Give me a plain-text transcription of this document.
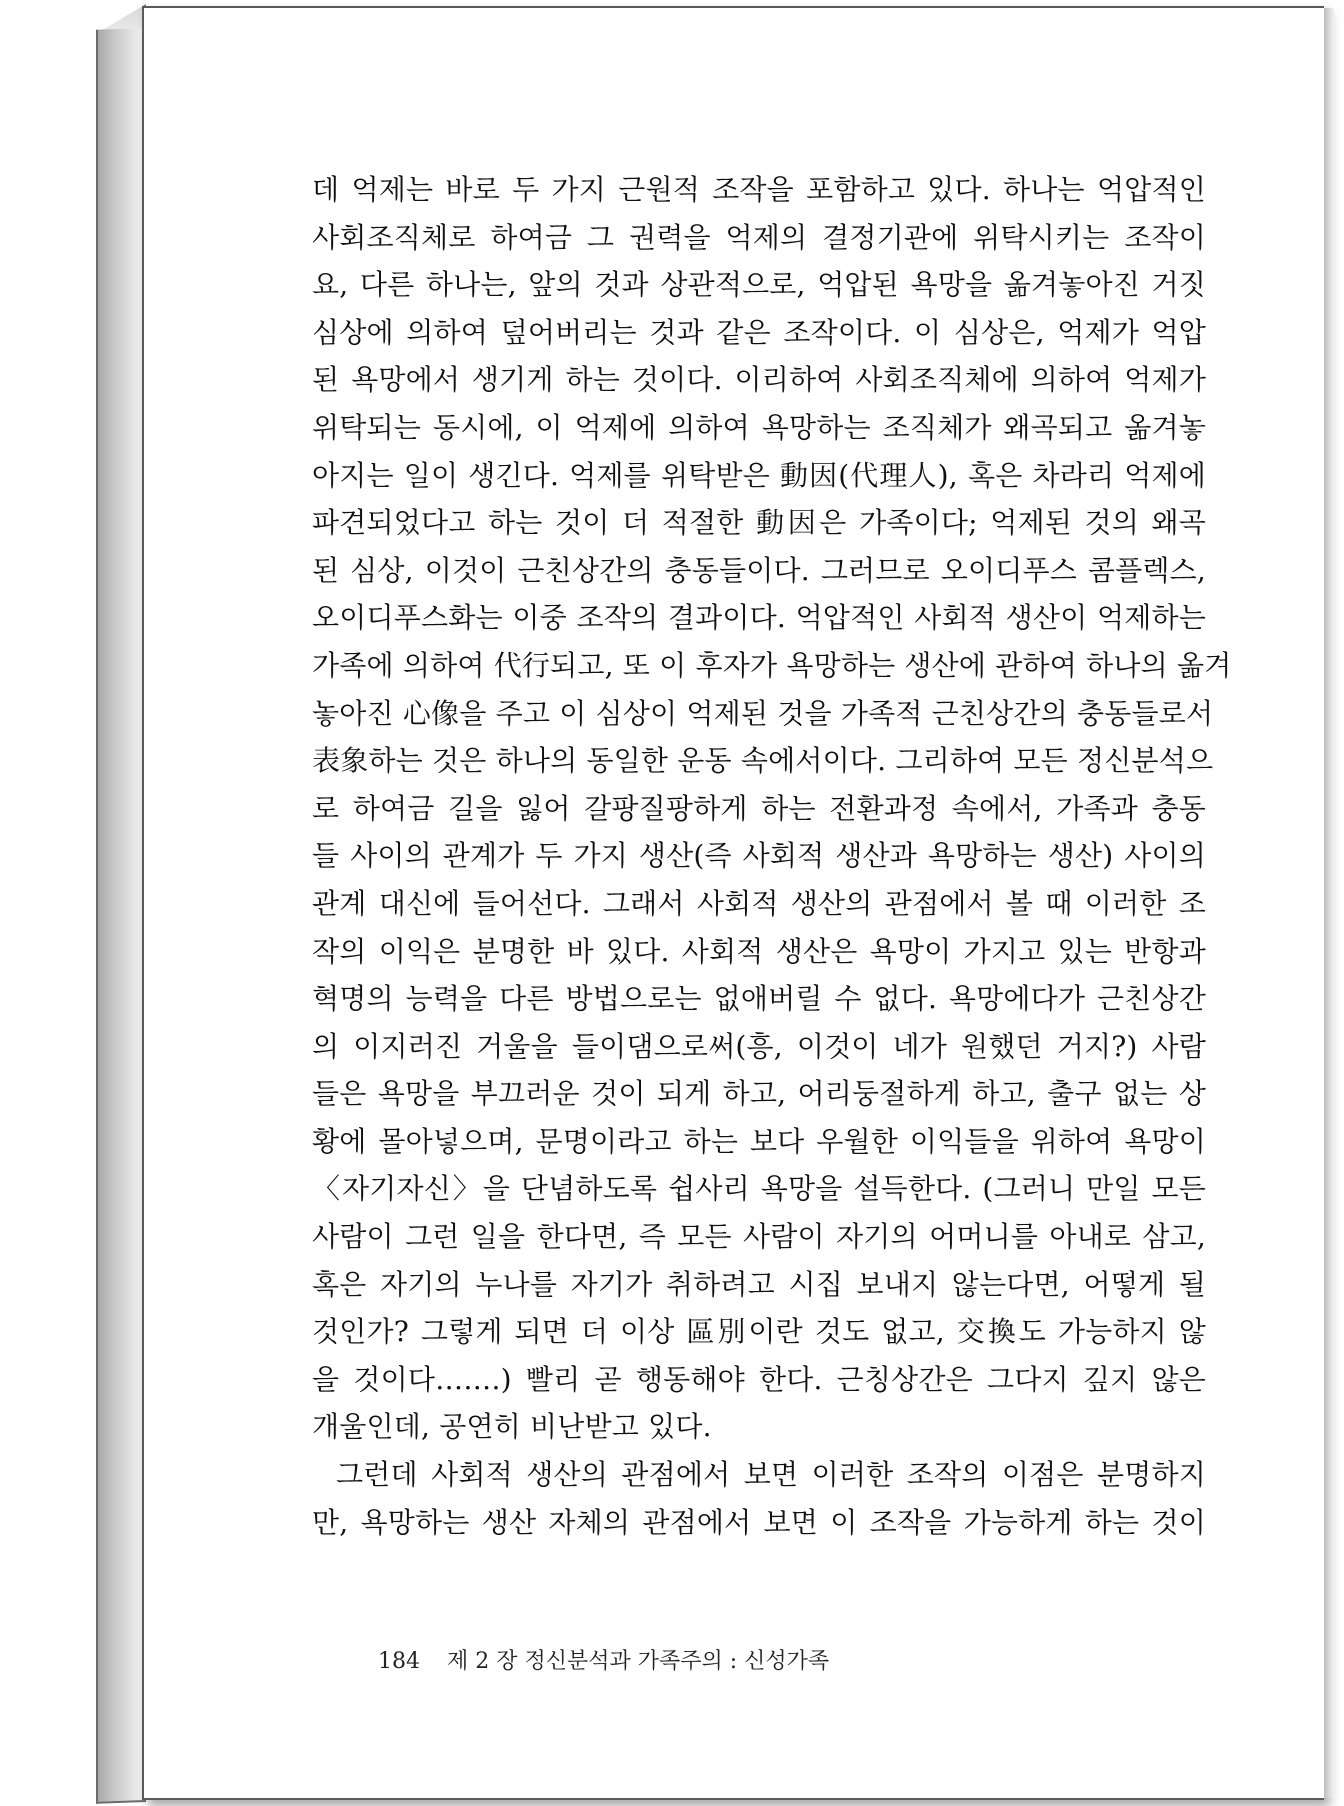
데 억제는 바로 두 가지 근원적 조작을 포함하고 있다. 하나는 억압적인
사회조직체로 하여금 그 권력을 억제의 결정기관에 위탁시키는 조작이
요, 다른 하나는, 앞의 것과 상관적으로, 억압된 욕망을 옮겨놓아진 거짓
심상에 의하여 덮어버리는 것과 같은 조작이다. 이 심상은, 억제가 억압
된 욕망에서 생기게 하는 것이다. 이리하여 사회조직체에 의하여 억제가
위탁되는 동시에, 이 억제에 의하여 욕망하는 조직체가 왜곡되고 옮겨놓
아지는 일이 생긴다. 억제를 위탁받은 動因(代理人), 혹은 차라리 억제에
파견되었다고 하는 것이 더 적절한 動因은 가족이다; 억제된 것의 왜곡
된 심상, 이것이 근친상간의 충동들이다. 그러므로 오이디푸스 콤플렉스,
오이디푸스화는 이중 조작의 결과이다. 억압적인 사회적 생산이 억제하는
가족에 의하여 代行되고, 또 이 후자가 욕망하는 생산에 관하여 하나의 옮겨
놓아진 心像을 주고 이 심상이 억제된 것을 가족적 근친상간의 충동들로서
表象하는 것은 하나의 동일한 운동 속에서이다. 그리하여 모든 정신분석으
로 하여금 길을 잃어 갈팡질팡하게 하는 전환과정 속에서, 가족과 충동
들 사이의 관계가 두 가지 생산(즉 사회적 생산과 욕망하는 생산) 사이의
관계 대신에 들어선다. 그래서 사회적 생산의 관점에서 볼 때 이러한 조
작의 이익은 분명한 바 있다. 사회적 생산은 욕망이 가지고 있는 반항과
혁명의 능력을 다른 방법으로는 없애버릴 수 없다. 욕망에다가 근친상간
의 이지러진 거울을 들이댐으로써(흥, 이것이 네가 원했던 거지?) 사람
들은 욕망을 부끄러운 것이 되게 하고, 어리둥절하게 하고, 출구 없는 상
황에 몰아넣으며, 문명이라고 하는 보다 우월한 이익들을 위하여 욕망이
〈자기자신〉을 단념하도록 쉽사리 욕망을 설득한다. (그러니 만일 모든
사람이 그런 일을 한다면, 즉 모든 사람이 자기의 어머니를 아내로 삼고,
혹은 자기의 누나를 자기가 취하려고 시집 보내지 않는다면, 어떻게 될
것인가? 그렇게 되면 더 이상 區別이란 것도 없고, 交換도 가능하지 않
을 것이다…….) 빨리 곧 행동해야 한다. 근칭상간은 그다지 깊지 않은
개울인데, 공연히 비난받고 있다.
그런데 사회적 생산의 관점에서 보면 이러한 조작의 이점은 분명하지
만, 욕망하는 생산 자체의 관점에서 보면 이 조작을 가능하게 하는 것이
184 제 2 장 정신분석과 가족주의 : 신성가족
